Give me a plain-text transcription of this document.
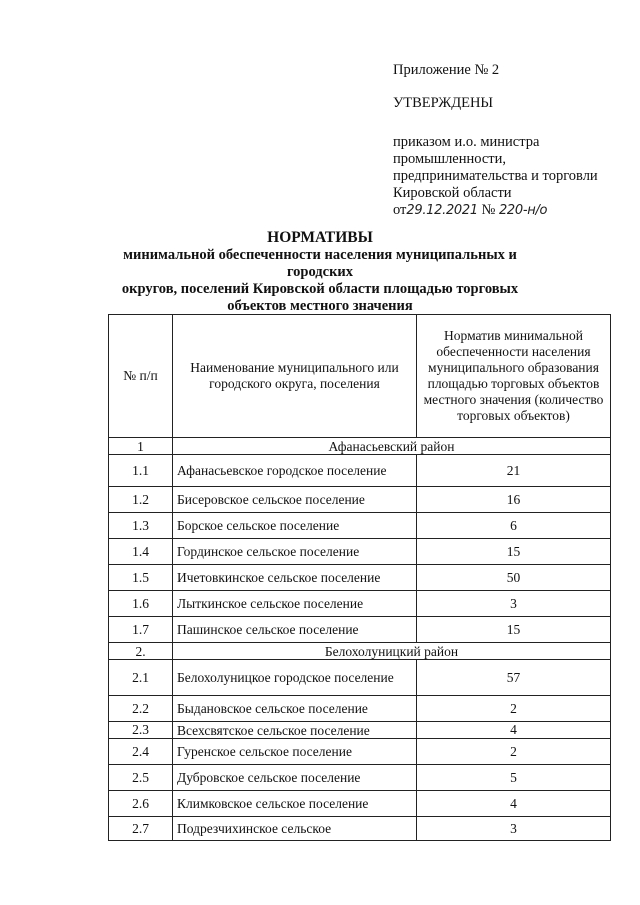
Приложение № 2

УТВЕРЖДЕНЫ

приказом и.о. министра

промышленности,

предпринимательства и торговли

Кировской области

от29.12.2021 № 220-н/о

НОРМАТИВЫ
минимальной обеспеченности населения муниципальных и городских
округов, поселений Кировской области площадью торговых
объектов местного значения
№ п/п	Наименование муниципального или городского округа, поселения	Норматив минимальной обеспеченности населения муниципального образования площадью торговых объектов местного значения (количество торговых объектов)
1	Афанасьевский район	
1.1	Афанасьевское городское поселение	21
1.2	Бисеровское сельское поселение	16
1.3	Борское сельское поселение	6
1.4	Гординское сельское поселение	15
1.5	Ичетовкинское сельское поселение	50
1.6	Лыткинское сельское поселение	3
1.7	Пашинское сельское поселение	15
2.	Белохолуницкий район	
2.1	Белохолуницкое городское поселение	57
2.2	Быдановское сельское поселение	2
2.3	Всехсвятское сельское поселение	4
2.4	Гуренское сельское поселение	2
2.5	Дубровское сельское поселение	5
2.6	Климковское сельское поселение	4
2.7	Подрезчихинское сельское	3
